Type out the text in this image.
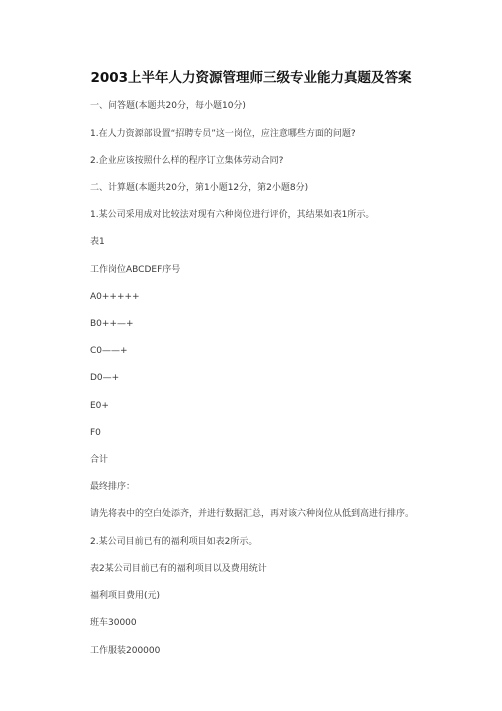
2003上半年人力资源管理师三级专业能力真题及答案
一、问答题(本题共20分，每小题10分)
1.在人力资源部设置“招聘专员”这一岗位，应注意哪些方面的问题?
2.企业应该按照什么样的程序订立集体劳动合同?
二、计算题(本题共20分，第1小题12分，第2小题8分)
1.某公司采用成对比较法对现有六种岗位进行评价，其结果如表1所示。
表1
工作岗位ABCDEF序号
A0+++++
B0++—+
C0——+
D0—+
E0+
F0
合计
最终排序：
请先将表中的空白处添齐，并进行数据汇总，再对该六种岗位从低到高进行排序。
2.某公司目前已有的福利项目如表2所示。
表2某公司目前已有的福利项目以及费用统计
福利项目费用(元)
班车30000
工作服装200000
